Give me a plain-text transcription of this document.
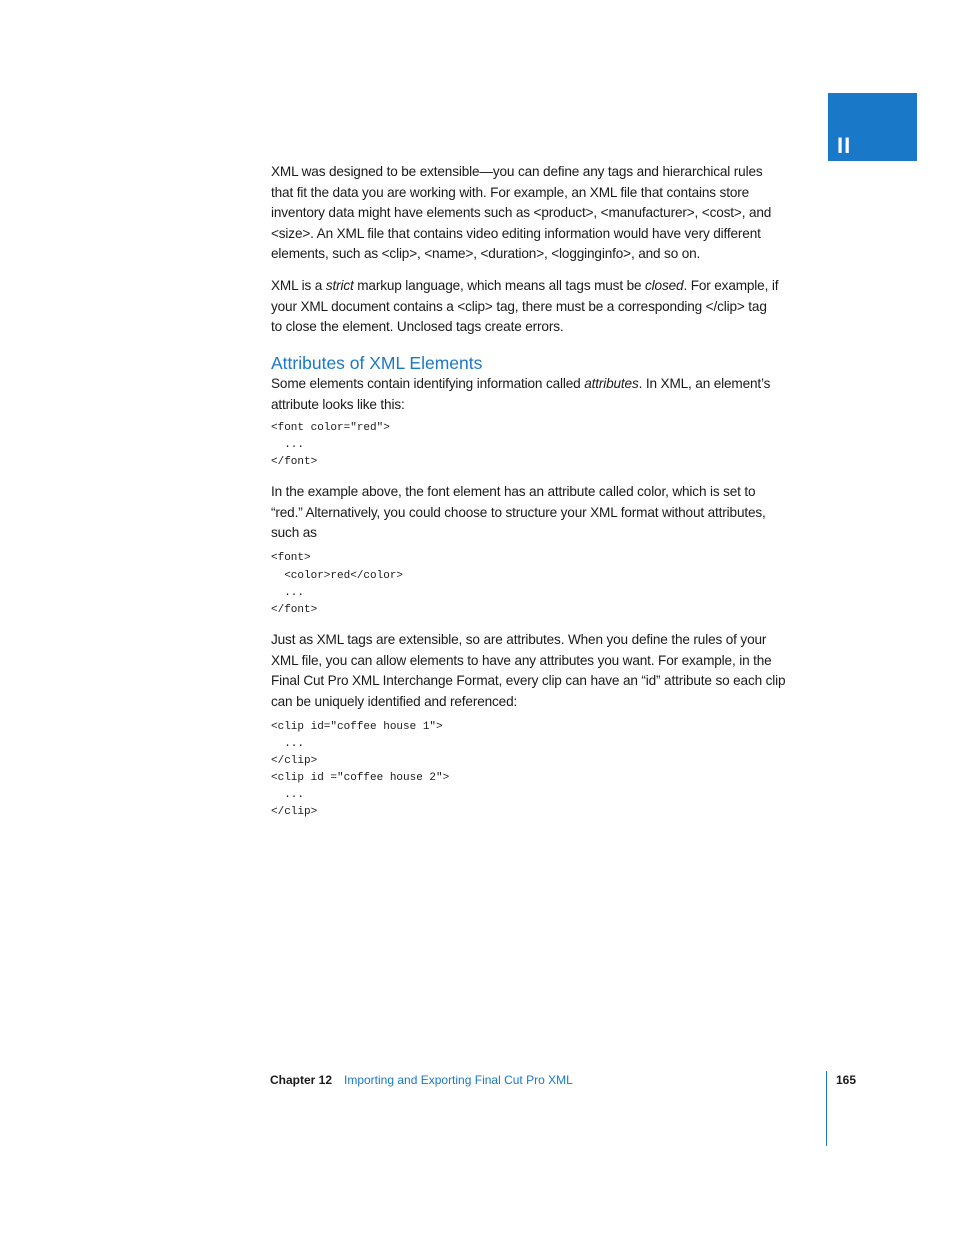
II
XML was designed to be extensible—you can define any tags and hierarchical rules
that fit the data you are working with. For example, an XML file that contains store
inventory data might have elements such as <product>, <manufacturer>, <cost>, and
<size>. An XML file that contains video editing information would have very different
elements, such as <clip>, <name>, <duration>, <logginginfo>, and so on.
XML is a strict markup language, which means all tags must be closed. For example, if
your XML document contains a <clip> tag, there must be a corresponding </clip> tag
to close the element. Unclosed tags create errors.
Attributes of XML Elements
Some elements contain identifying information called attributes. In XML, an element’s
attribute looks like this:
<font color="red">
...
</font>
In the example above, the font element has an attribute called color, which is set to
“red.” Alternatively, you could choose to structure your XML format without attributes,
such as
<font>
<color>red</color>
...
</font>
Just as XML tags are extensible, so are attributes. When you define the rules of your
XML file, you can allow elements to have any attributes you want. For example, in the
Final Cut Pro XML Interchange Format, every clip can have an “id” attribute so each clip
can be uniquely identified and referenced:
<clip id="coffee house 1">
...
</clip>
<clip id ="coffee house 2">
...
</clip>
Chapter 12 Importing and Exporting Final Cut Pro XML	165
